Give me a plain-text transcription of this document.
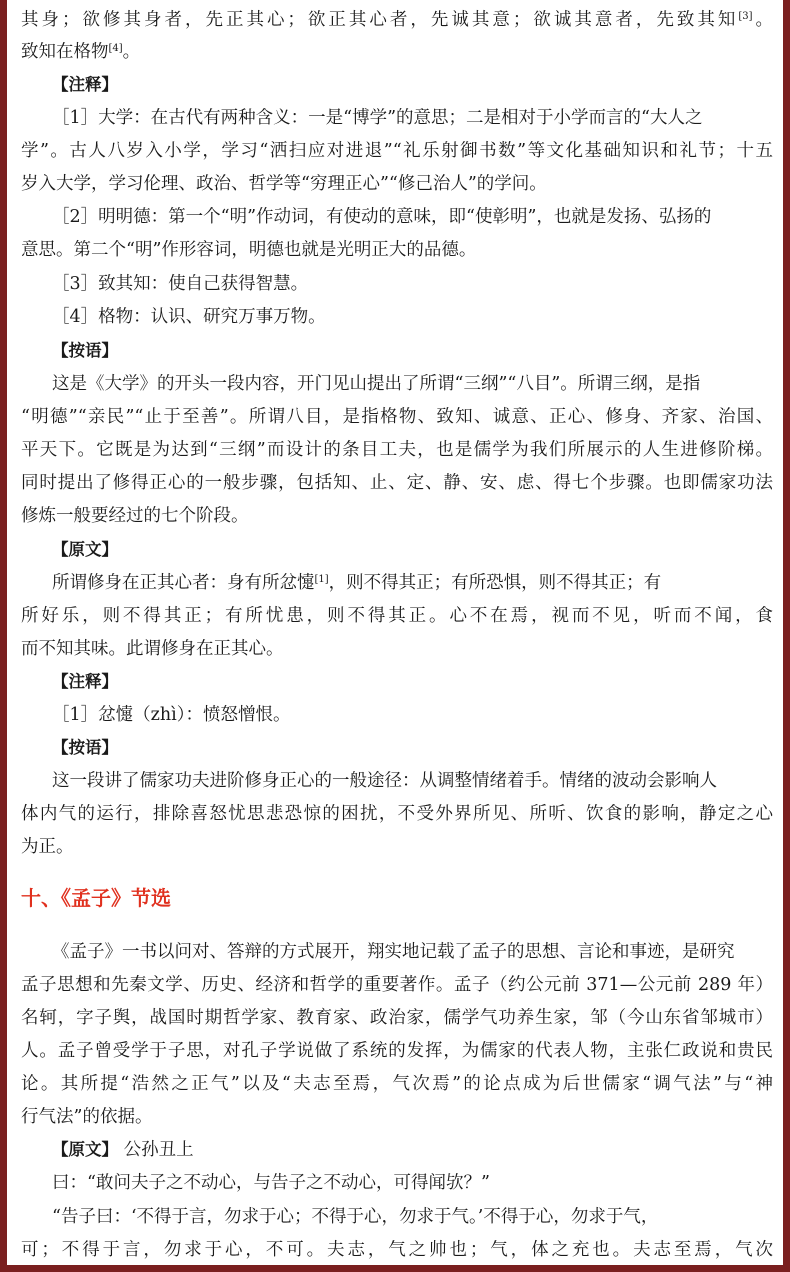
十、《孟子》节选
其身；欲修其身者，先正其心；欲正其心者，先诚其意；欲诚其意者，先致其知[3]。
致知在格物[4]。
【注释】
［1］大学：在古代有两种含义：一是“博学”的意思；二是相对于小学而言的“大人之
学”。古人八岁入小学，学习“洒扫应对进退”“礼乐射御书数”等文化基础知识和礼节；十五
岁入大学，学习伦理、政治、哲学等“穷理正心”“修己治人”的学问。
［2］明明德：第一个“明”作动词，有使动的意味，即“使彰明”，也就是发扬、弘扬的
意思。第二个“明”作形容词，明德也就是光明正大的品德。
［3］致其知：使自己获得智慧。
［4］格物：认识、研究万事万物。
【按语】
这是《大学》的开头一段内容，开门见山提出了所谓“三纲”“八目”。所谓三纲，是指
“明德”“亲民”“止于至善”。所谓八目，是指格物、致知、诚意、正心、修身、齐家、治国、
平天下。它既是为达到“三纲”而设计的条目工夫，也是儒学为我们所展示的人生进修阶梯。
同时提出了修得正心的一般步骤，包括知、止、定、静、安、虑、得七个步骤。也即儒家功法
修炼一般要经过的七个阶段。
【原文】
所谓修身在正其心者：身有所忿懥[1]，则不得其正；有所恐惧，则不得其正；有
所好乐，则不得其正；有所忧患，则不得其正。心不在焉，视而不见，听而不闻，食
而不知其味。此谓修身在正其心。
【注释】
［1］忿懥（zhì）：愤怒憎恨。
【按语】
这一段讲了儒家功夫进阶修身正心的一般途径：从调整情绪着手。情绪的波动会影响人
体内气的运行，排除喜怒忧思悲恐惊的困扰，不受外界所见、所听、饮食的影响，静定之心
为正。
《孟子》一书以问对、答辩的方式展开，翔实地记载了孟子的思想、言论和事迹，是研究
孟子思想和先秦文学、历史、经济和哲学的重要著作。孟子（约公元前 371—公元前 289 年）
名轲，字子舆，战国时期哲学家、教育家、政治家，儒学气功养生家，邹（今山东省邹城市）
人。孟子曾受学于子思，对孔子学说做了系统的发挥，为儒家的代表人物，主张仁政说和贵民
论。其所提“浩然之正气”以及“夫志至焉，气次焉”的论点成为后世儒家“调气法”与“神
行气法”的依据。
【原文】 公孙丑上
曰：“敢问夫子之不动心，与告子之不动心，可得闻欤？”
“告子曰：‘不得于言，勿求于心；不得于心，勿求于气。’不得于心，勿求于气，
可；不得于言，勿求于心，不可。夫志，气之帅也；气，体之充也。夫志至焉，气次
